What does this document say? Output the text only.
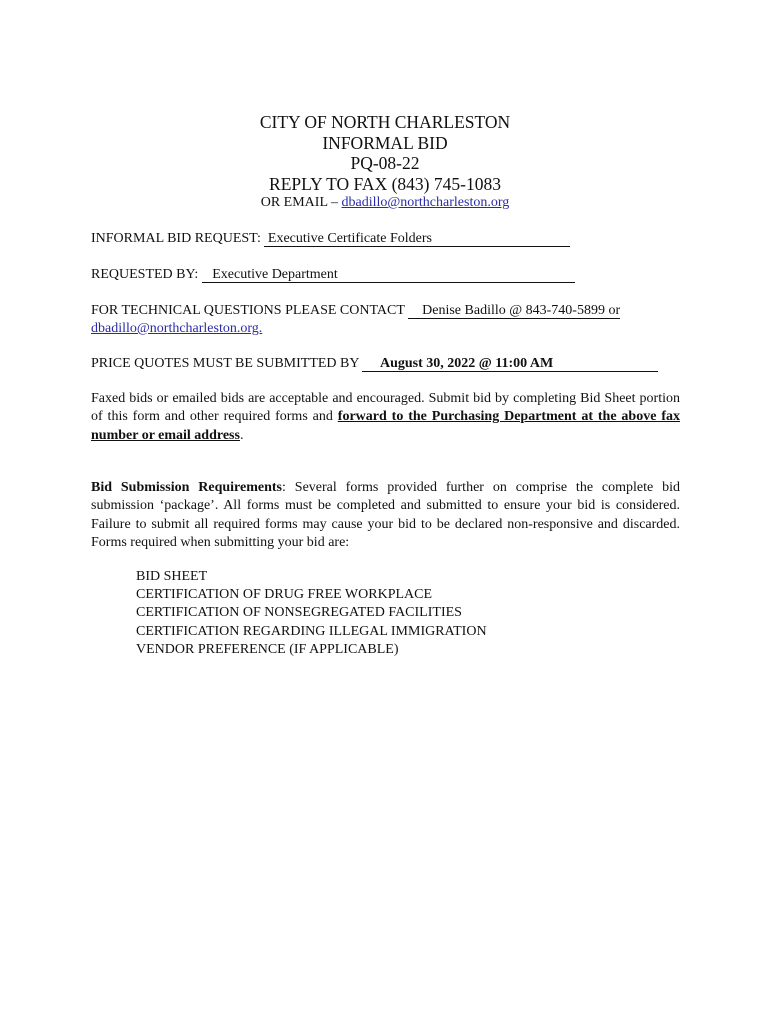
CITY OF NORTH CHARLESTON
INFORMAL BID
PQ-08-22
REPLY TO FAX (843) 745-1083
OR EMAIL – dbadillo@northcharleston.org
INFORMAL BID REQUEST:  Executive Certificate Folders
REQUESTED BY:    Executive Department
FOR TECHNICAL QUESTIONS PLEASE CONTACT     Denise Badillo @ 843-740-5899 or
dbadillo@northcharleston.org.
PRICE QUOTES MUST BE SUBMITTED BY      August 30, 2022 @ 11:00 AM
Faxed bids or emailed bids are acceptable and encouraged. Submit bid by completing Bid Sheet portion of this form and other required forms and forward to the Purchasing Department at the above fax number or email address.
Bid Submission Requirements: Several forms provided further on comprise the complete bid submission ‘package’. All forms must be completed and submitted to ensure your bid is considered. Failure to submit all required forms may cause your bid to be declared non-responsive and discarded. Forms required when submitting your bid are:
BID SHEET
CERTIFICATION OF DRUG FREE WORKPLACE
CERTIFICATION OF NONSEGREGATED FACILITIES
CERTIFICATION REGARDING ILLEGAL IMMIGRATION
VENDOR PREFERENCE (IF APPLICABLE)
